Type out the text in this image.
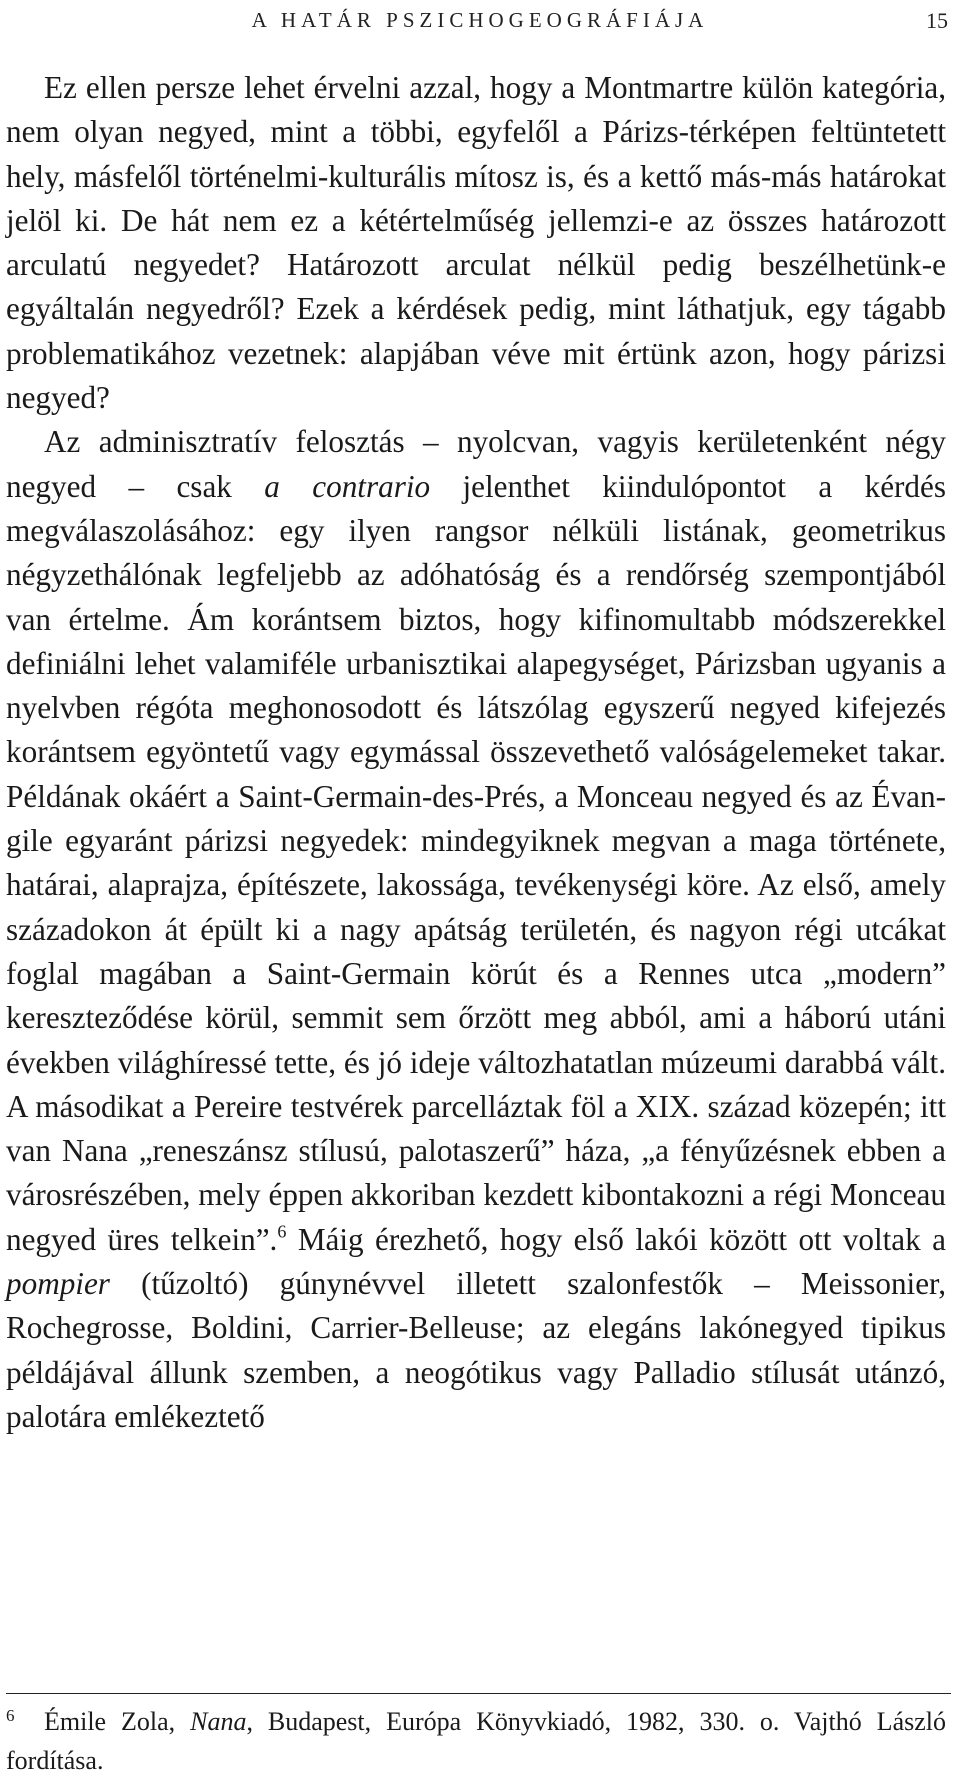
A HATÁR PSZICHOGEOGRÁFIÁJA	15

Ez ellen persze lehet érvelni azzal, hogy a Montmartre külön kategória, nem olyan negyed, mint a többi, egyfelől a Párizs-térképen feltüntetett hely, másfelől történelmi-kulturális mítosz is, és a kettő más-más határokat jelöl ki. De hát nem ez a kétértelműség jellemzi-e az összes határozott arculatú negyedet? Határozott arculat nélkül pedig beszélhetünk-e egyáltalán negyedről? Ezek a kérdések pedig, mint láthatjuk, egy tágabb problematikához vezetnek: alapjában véve mit értünk azon, hogy párizsi negyed?

Az adminisztratív felosztás – nyolcvan, vagyis kerületenként négy negyed – csak a contrario jelenthet kiindulópontot a kérdés megválaszolásához: egy ilyen rangsor nélküli listának, geometrikus négyzethálónak legfeljebb az adóhatóság és a rendőrség szempontjából van értelme. Ám korántsem biztos, hogy kifinomultabb módszerekkel definiálni lehet valamiféle urbanisztikai alapegységet, Párizsban ugyanis a nyelvben régóta meghonosodott és látszólag egyszerű negyed kifejezés korántsem egyöntetű vagy egymással összevethető valóságelemeket takar. Példának okáért a Saint-Germain-des-Prés, a Monceau negyed és az Évangile egyaránt párizsi negyedek: mindegyiknek megvan a maga története, határai, alaprajza, építészete, lakossága, tevékenységi köre. Az első, amely századokon át épült ki a nagy apátság területén, és nagyon régi utcákat foglal magában a Saint-Germain körút és a Rennes utca „modern” kereszteződése körül, semmit sem őrzött meg abból, ami a háború utáni években világhíressé tette, és jó ideje változhatatlan múzeumi darabbá vált. A másodikat a Pereire testvérek parcelláztak föl a XIX. század közepén; itt van Nana „reneszánsz stílusú, palotaszerű” háza, „a fényűzésnek ebben a városrészében, mely éppen akkoriban kezdett kibontakozni a régi Monceau negyed üres telkein”.$^6$ Máig érezhető, hogy első lakói között ott voltak a pompier (tűzoltó) gúnynévvel illetett szalonfestők – Meissonier, Rochegrosse, Boldini, Carrier-Belleuse; az elegáns lakónegyed tipikus példájával állunk szemben, a neogótikus vagy Palladio stílusát utánzó, palotára emlékeztető

6 Émile Zola, Nana, Budapest, Európa Könyvkiadó, 1982, 330. o. Vajthó László fordítása.
